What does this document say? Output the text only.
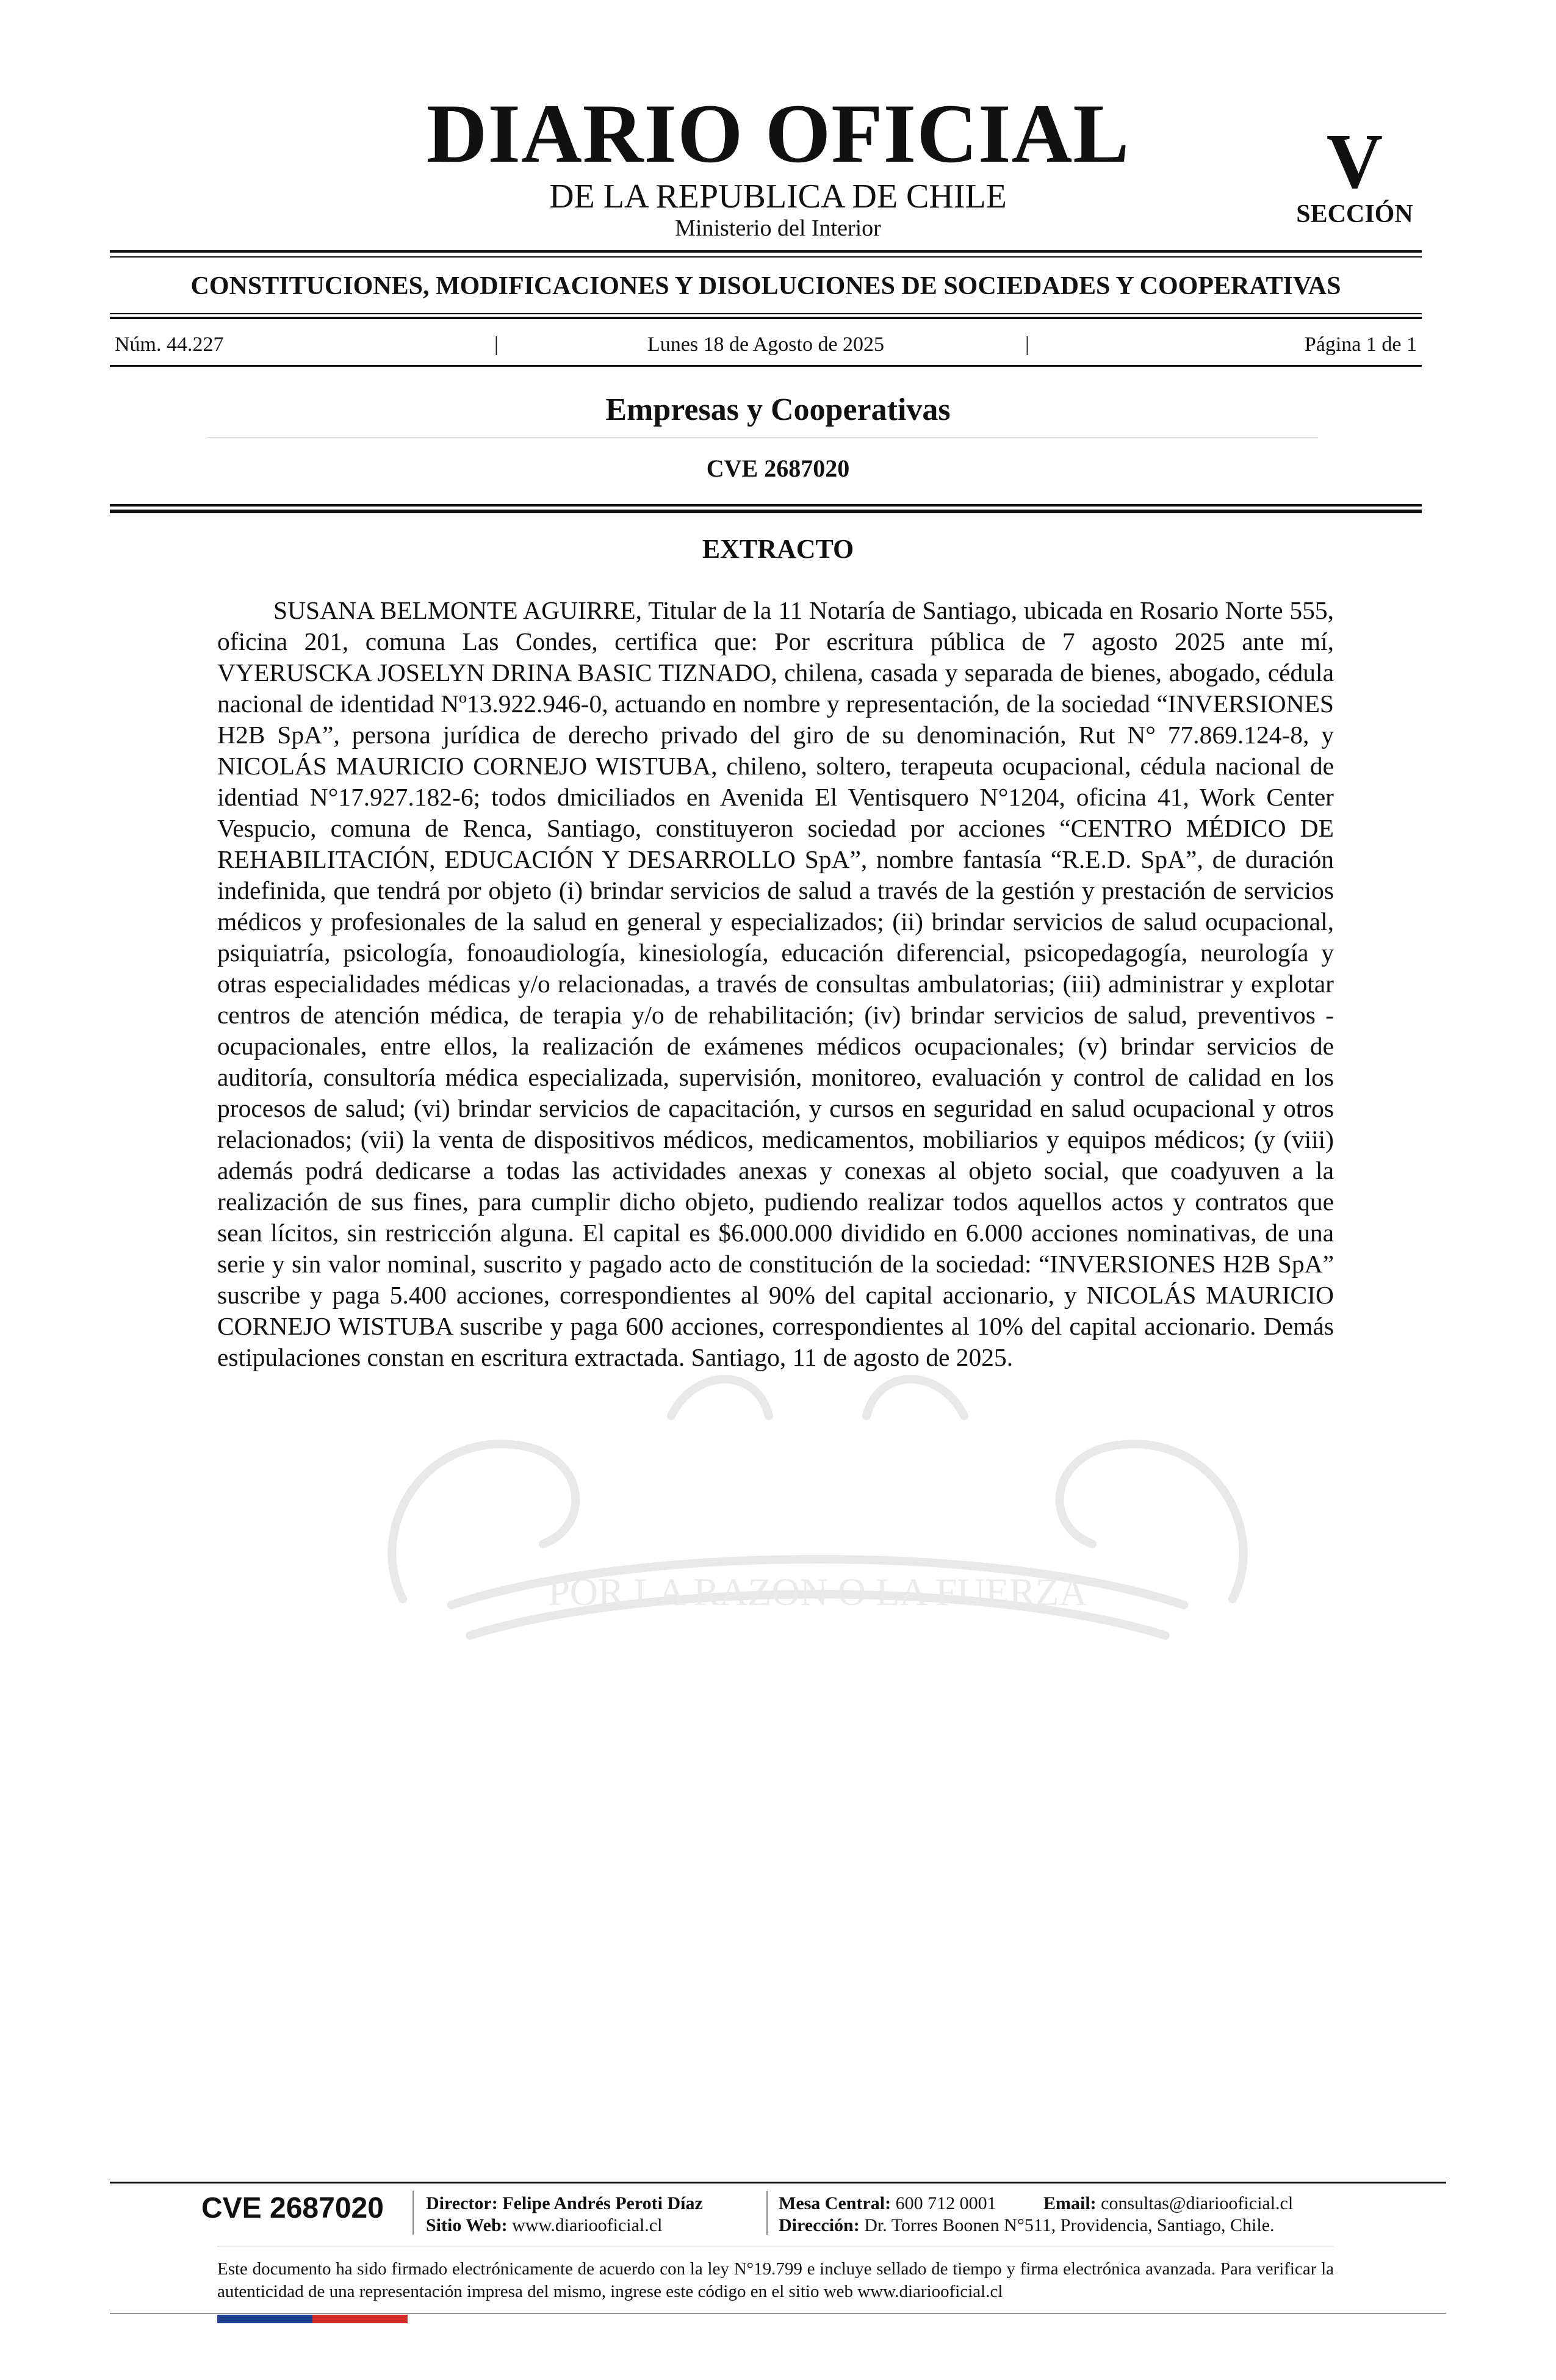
DIARIO OFICIAL
DE LA REPUBLICA DE CHILE
Ministerio del Interior
V
SECCIÓN
CONSTITUCIONES, MODIFICACIONES Y DISOLUCIONES DE SOCIEDADES Y COOPERATIVAS
Núm. 44.227	|	Lunes 18 de Agosto de 2025	|	Página 1 de 1
Empresas y Cooperativas
CVE 2687020
EXTRACTO
POR LA RAZON O LA FUERZA

SUSANA BELMONTE AGUIRRE, Titular de la 11 Notaría de Santiago, ubicada en Rosario Norte 555, oficina 201, comuna Las Condes, certifica que: Por escritura pública de 7 agosto 2025 ante mí, VYERUSCKA JOSELYN DRINA BASIC TIZNADO, chilena, casada y separada de bienes, abogado, cédula nacional de identidad Nº13.922.946-0, actuando en nombre y representación, de la sociedad “INVERSIONES H2B SpA”, persona jurídica de derecho privado del giro de su denominación, Rut N° 77.869.124-8, y NICOLÁS MAURICIO CORNEJO WISTUBA, chileno, soltero, terapeuta ocupacional, cédula nacional de identiad N°17.927.182-6; todos dmiciliados en Avenida El Ventisquero N°1204, oficina 41, Work Center Vespucio, comuna de Renca, Santiago, constituyeron sociedad por acciones “CENTRO MÉDICO DE REHABILITACIÓN, EDUCACIÓN Y DESARROLLO SpA”, nombre fantasía “R.E.D. SpA”, de duración indefinida, que tendrá por objeto (i) brindar servicios de salud a través de la gestión y prestación de servicios médicos y profesionales de la salud en general y especializados; (ii) brindar servicios de salud ocupacional, psiquiatría, psicología, fonoaudiología, kinesiología, educación diferencial, psicopedagogía, neurología y otras especialidades médicas y/o relacionadas, a través de consultas ambulatorias; (iii) administrar y explotar centros de atención médica, de terapia y/o de rehabilitación; (iv) brindar servicios de salud, preventivos -ocupacionales, entre ellos, la realización de exámenes médicos ocupacionales; (v) brindar servicios de auditoría, consultoría médica especializada, supervisión, monitoreo, evaluación y control de calidad en los procesos de salud; (vi) brindar servicios de capacitación, y cursos en seguridad en salud ocupacional y otros relacionados; (vii) la venta de dispositivos médicos, medicamentos, mobiliarios y equipos médicos; (y (viii) además podrá dedicarse a todas las actividades anexas y conexas al objeto social, que coadyuven a la realización de sus fines, para cumplir dicho objeto, pudiendo realizar todos aquellos actos y contratos que sean lícitos, sin restricción alguna. El capital es $6.000.000 dividido en 6.000 acciones nominativas, de una serie y sin valor nominal, suscrito y pagado acto de constitución de la sociedad: “INVERSIONES H2B SpA” suscribe y paga 5.400 acciones, correspondientes al 90% del capital accionario, y NICOLÁS MAURICIO CORNEJO WISTUBA suscribe y paga 600 acciones, correspondientes al 10% del capital accionario. Demás estipulaciones constan en escritura extractada. Santiago, 11 de agosto de 2025.

CVE 2687020 Director: Felipe Andrés Peroti Díaz
Sitio Web: www.diariooficial.cl
Mesa Central: 600 712 0001	Email: consultas@diariooficial.cl
Dirección: Dr. Torres Boonen N°511, Providencia, Santiago, Chile.

Este documento ha sido firmado electrónicamente de acuerdo con la ley N°19.799 e incluye sellado de tiempo y firma electrónica avanzada. Para verificar la autenticidad de una representación impresa del mismo, ingrese este código en el sitio web www.diariooficial.cl
